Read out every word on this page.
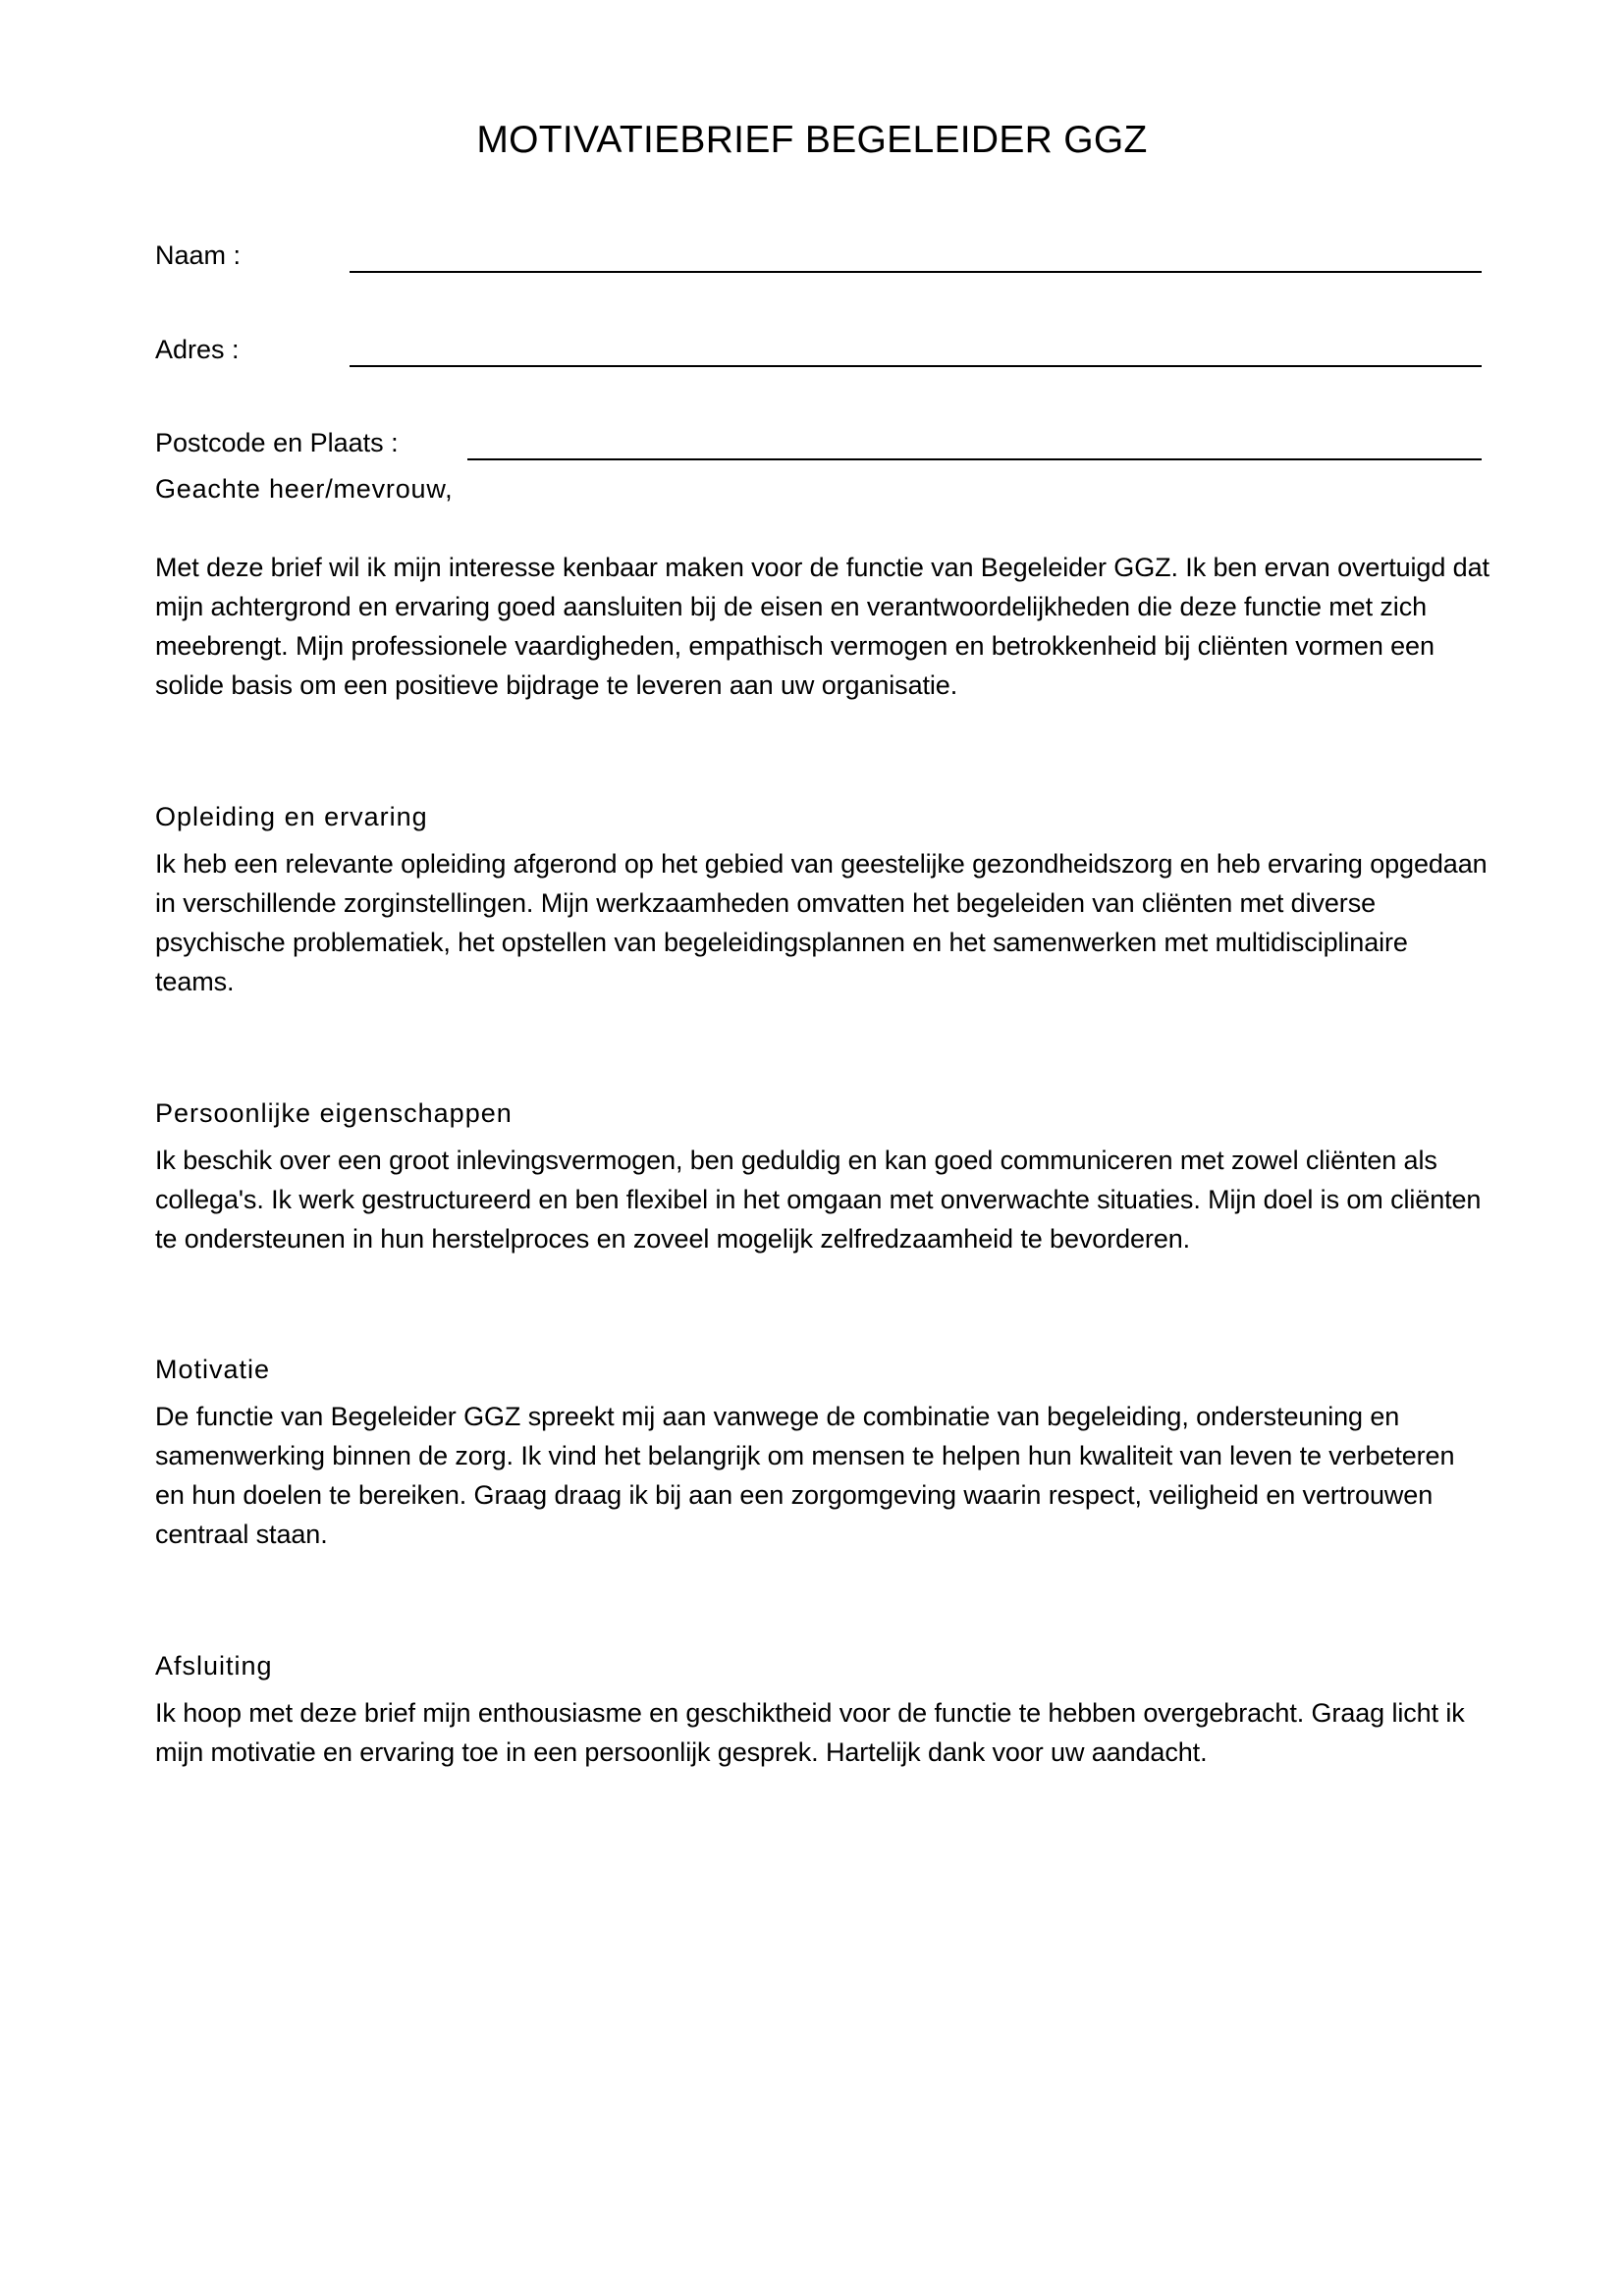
MOTIVATIEBRIEF BEGELEIDER GGZ
Naam :
Adres :
Postcode en Plaats :
Geachte heer/mevrouw,

Met deze brief wil ik mijn interesse kenbaar maken voor de functie van Begeleider GGZ. Ik ben ervan overtuigd dat mijn achtergrond en ervaring goed aansluiten bij de eisen en verantwoordelijkheden die deze functie met zich meebrengt. Mijn professionele vaardigheden, empathisch vermogen en betrokkenheid bij cliënten vormen een solide basis om een positieve bijdrage te leveren aan uw organisatie.

Opleiding en ervaring

Ik heb een relevante opleiding afgerond op het gebied van geestelijke gezondheidszorg en heb ervaring opgedaan in verschillende zorginstellingen. Mijn werkzaamheden omvatten het begeleiden van cliënten met diverse psychische problematiek, het opstellen van begeleidingsplannen en het samenwerken met multidisciplinaire teams.

Persoonlijke eigenschappen

Ik beschik over een groot inlevingsvermogen, ben geduldig en kan goed communiceren met zowel cliënten als collega's. Ik werk gestructureerd en ben flexibel in het omgaan met onverwachte situaties. Mijn doel is om cliënten te ondersteunen in hun herstelproces en zoveel mogelijk zelfredzaamheid te bevorderen.

Motivatie

De functie van Begeleider GGZ spreekt mij aan vanwege de combinatie van begeleiding, ondersteuning en samenwerking binnen de zorg. Ik vind het belangrijk om mensen te helpen hun kwaliteit van leven te verbeteren en hun doelen te bereiken. Graag draag ik bij aan een zorgomgeving waarin respect, veiligheid en vertrouwen centraal staan.

Afsluiting

Ik hoop met deze brief mijn enthousiasme en geschiktheid voor de functie te hebben overgebracht. Graag licht ik mijn motivatie en ervaring toe in een persoonlijk gesprek. Hartelijk dank voor uw aandacht.
